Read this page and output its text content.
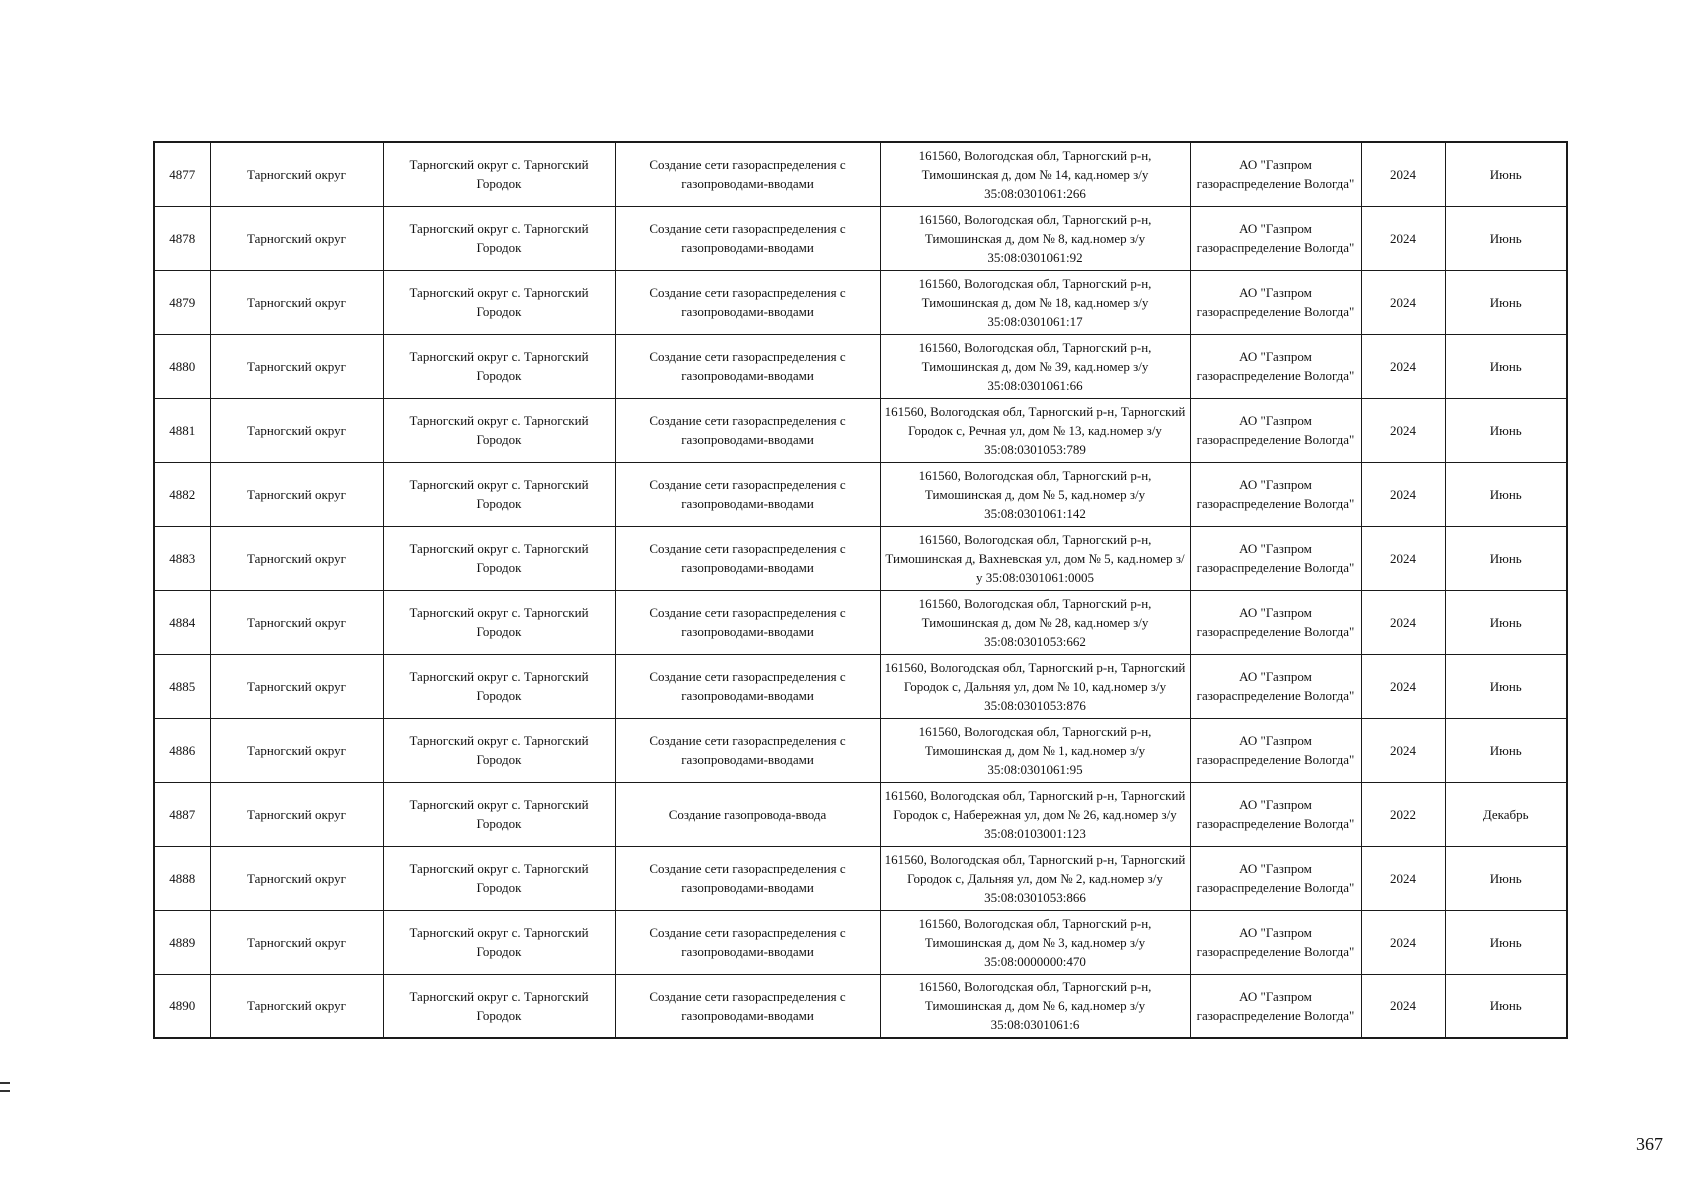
4877	Тарногский округ	Тарногский округ с. Тарногский Городок	Создание сети газораспределения с газопроводами-вводами	161560, Вологодская обл, Тарногский р-н, Тимошинская д, дом № 14, кад.номер з/у 35:08:0301061:266	АО "Газпром газораспределение Вологда"	2024	Июнь
4878	Тарногский округ	Тарногский округ с. Тарногский Городок	Создание сети газораспределения с газопроводами-вводами	161560, Вологодская обл, Тарногский р-н, Тимошинская д, дом № 8, кад.номер з/у 35:08:0301061:92	АО "Газпром газораспределение Вологда"	2024	Июнь
4879	Тарногский округ	Тарногский округ с. Тарногский Городок	Создание сети газораспределения с газопроводами-вводами	161560, Вологодская обл, Тарногский р-н, Тимошинская д, дом № 18, кад.номер з/у 35:08:0301061:17	АО "Газпром газораспределение Вологда"	2024	Июнь
4880	Тарногский округ	Тарногский округ с. Тарногский Городок	Создание сети газораспределения с газопроводами-вводами	161560, Вологодская обл, Тарногский р-н, Тимошинская д, дом № 39, кад.номер з/у 35:08:0301061:66	АО "Газпром газораспределение Вологда"	2024	Июнь
4881	Тарногский округ	Тарногский округ с. Тарногский Городок	Создание сети газораспределения с газопроводами-вводами	161560, Вологодская обл, Тарногский р-н, Тарногский Городок с, Речная ул, дом № 13, кад.номер з/у 35:08:0301053:789	АО "Газпром газораспределение Вологда"	2024	Июнь
4882	Тарногский округ	Тарногский округ с. Тарногский Городок	Создание сети газораспределения с газопроводами-вводами	161560, Вологодская обл, Тарногский р-н, Тимошинская д, дом № 5, кад.номер з/у 35:08:0301061:142	АО "Газпром газораспределение Вологда"	2024	Июнь
4883	Тарногский округ	Тарногский округ с. Тарногский Городок	Создание сети газораспределения с газопроводами-вводами	161560, Вологодская обл, Тарногский р-н, Тимошинская д, Вахневская ул, дом № 5, кад.номер з/у 35:08:0301061:0005	АО "Газпром газораспределение Вологда"	2024	Июнь
4884	Тарногский округ	Тарногский округ с. Тарногский Городок	Создание сети газораспределения с газопроводами-вводами	161560, Вологодская обл, Тарногский р-н, Тимошинская д, дом № 28, кад.номер з/у 35:08:0301053:662	АО "Газпром газораспределение Вологда"	2024	Июнь
4885	Тарногский округ	Тарногский округ с. Тарногский Городок	Создание сети газораспределения с газопроводами-вводами	161560, Вологодская обл, Тарногский р-н, Тарногский Городок с, Дальняя ул, дом № 10, кад.номер з/у 35:08:0301053:876	АО "Газпром газораспределение Вологда"	2024	Июнь
4886	Тарногский округ	Тарногский округ с. Тарногский Городок	Создание сети газораспределения с газопроводами-вводами	161560, Вологодская обл, Тарногский р-н, Тимошинская д, дом № 1, кад.номер з/у 35:08:0301061:95	АО "Газпром газораспределение Вологда"	2024	Июнь
4887	Тарногский округ	Тарногский округ с. Тарногский Городок	Создание газопровода-ввода	161560, Вологодская обл, Тарногский р-н, Тарногский Городок с, Набережная ул, дом № 26, кад.номер з/у 35:08:0103001:123	АО "Газпром газораспределение Вологда"	2022	Декабрь
4888	Тарногский округ	Тарногский округ с. Тарногский Городок	Создание сети газораспределения с газопроводами-вводами	161560, Вологодская обл, Тарногский р-н, Тарногский Городок с, Дальняя ул, дом № 2, кад.номер з/у 35:08:0301053:866	АО "Газпром газораспределение Вологда"	2024	Июнь
4889	Тарногский округ	Тарногский округ с. Тарногский Городок	Создание сети газораспределения с газопроводами-вводами	161560, Вологодская обл, Тарногский р-н, Тимошинская д, дом № 3, кад.номер з/у 35:08:0000000:470	АО "Газпром газораспределение Вологда"	2024	Июнь
4890	Тарногский округ	Тарногский округ с. Тарногский Городок	Создание сети газораспределения с газопроводами-вводами	161560, Вологодская обл, Тарногский р-н, Тимошинская д, дом № 6, кад.номер з/у 35:08:0301061:6	АО "Газпром газораспределение Вологда"	2024	Июнь
367
